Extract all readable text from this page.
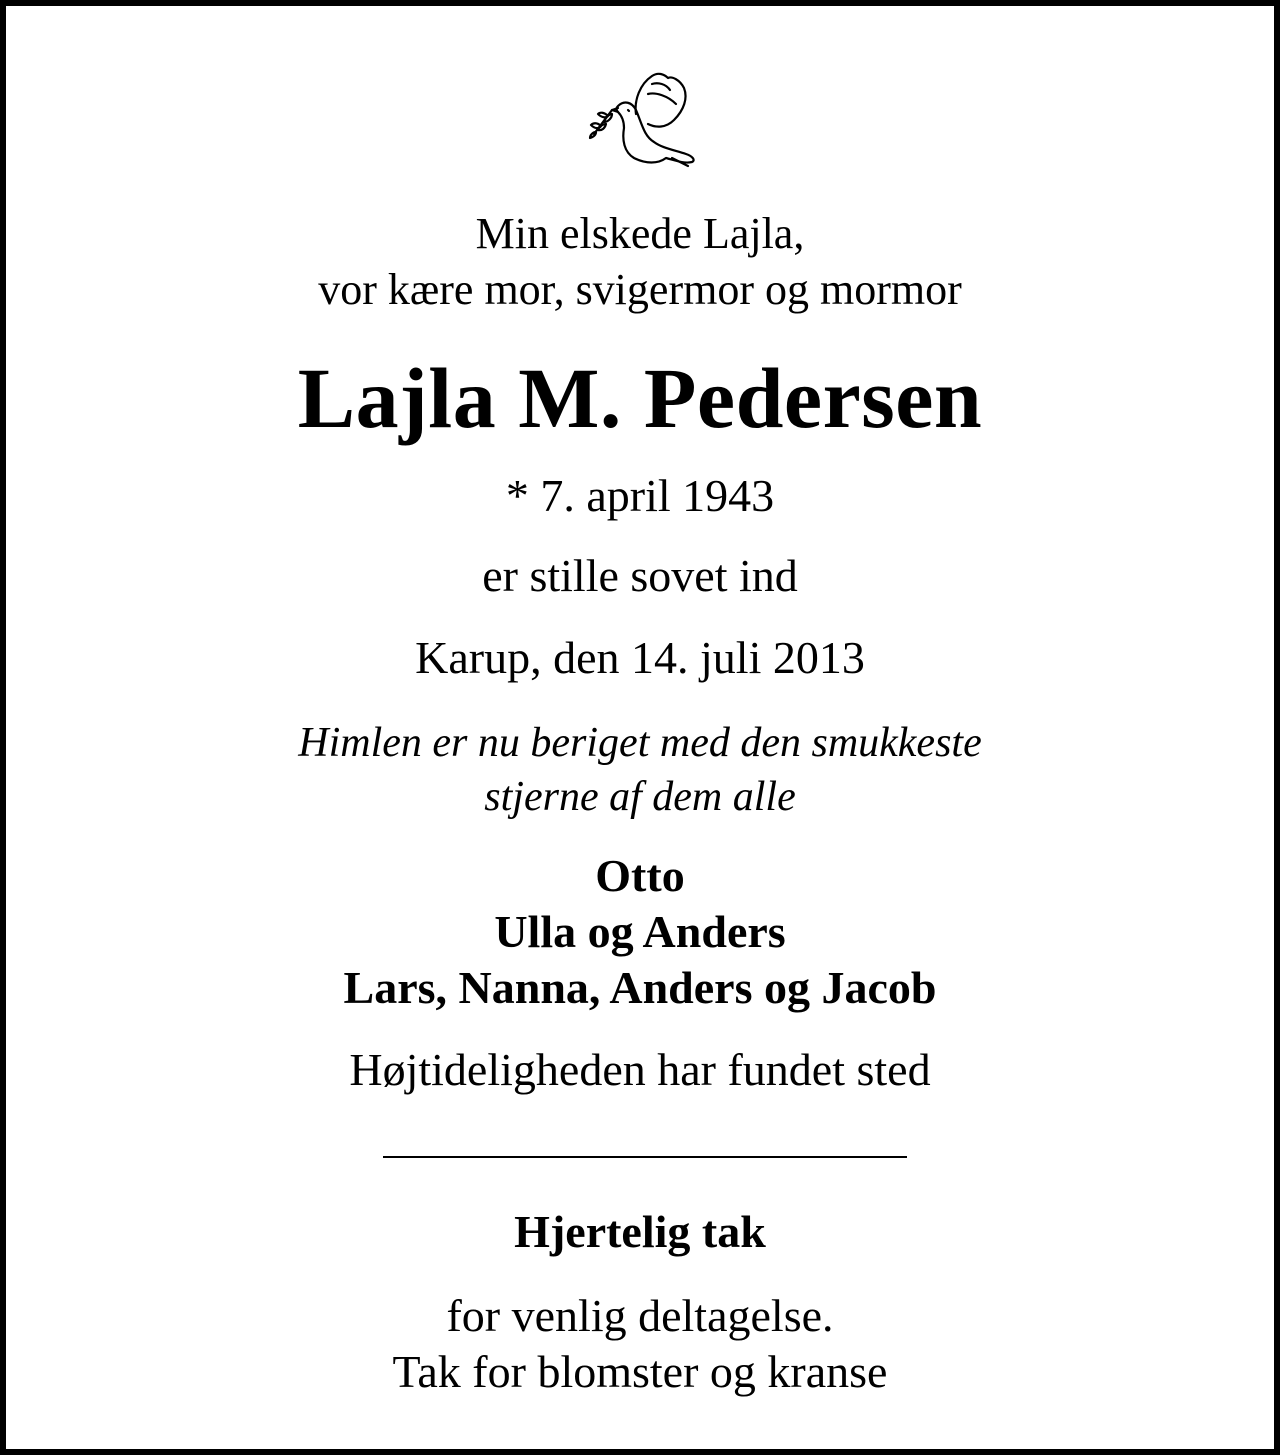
Min elskede Lajla,
vor kære mor, svigermor og mormor
Lajla M. Pedersen
* 7. april 1943
er stille sovet ind
Karup, den 14. juli 2013
Himlen er nu beriget med den smukkeste
stjerne af dem alle
Otto
Ulla og Anders
Lars, Nanna, Anders og Jacob
Højtideligheden har fundet sted
Hjertelig tak
for venlig deltagelse.
Tak for blomster og kranse
